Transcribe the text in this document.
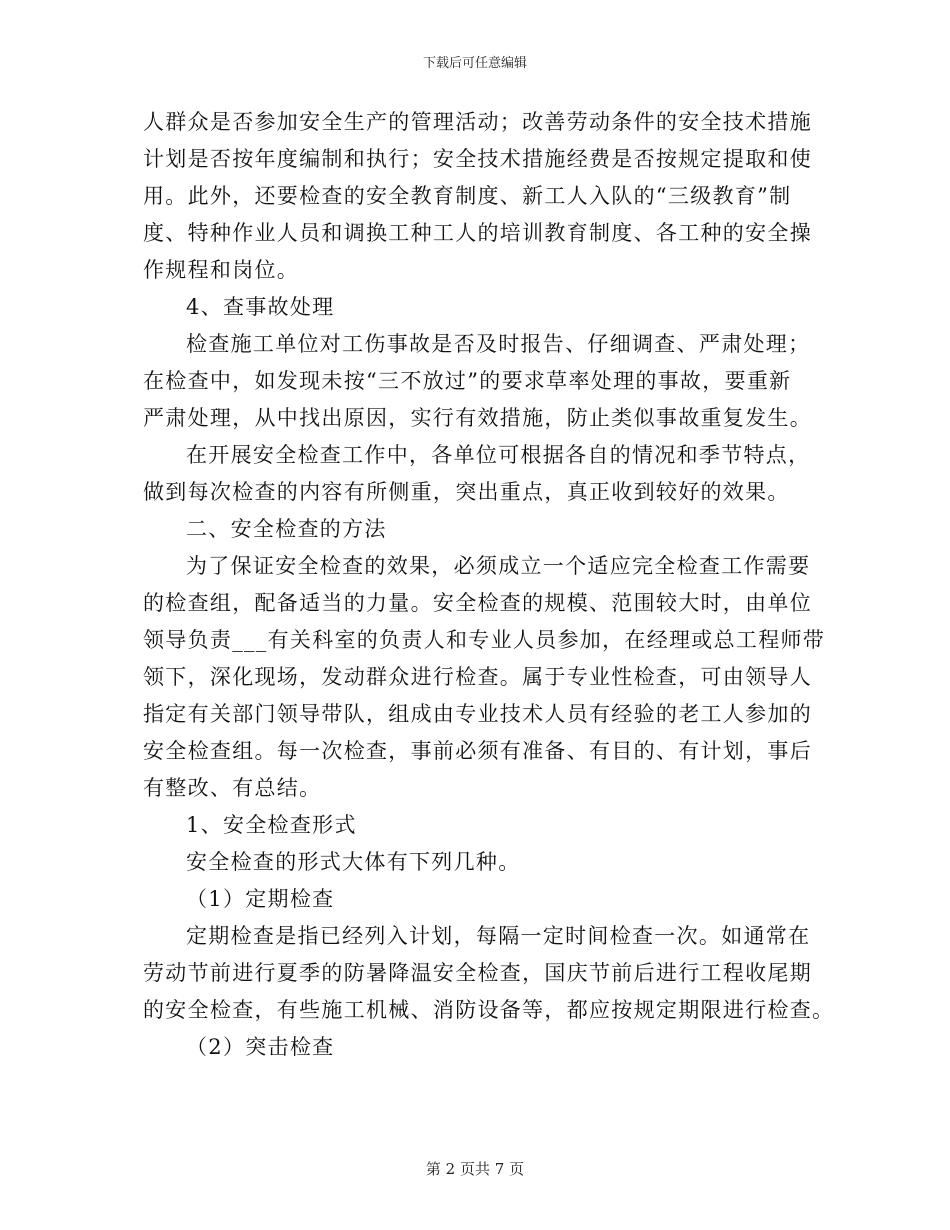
下载后可任意编辑
人群众是否参加安全生产的管理活动；改善劳动条件的安全技术措施
计划是否按年度编制和执行；安全技术措施经费是否按规定提取和使
用。此外，还要检查的安全教育制度、新工人入队的“三级教育”制
度、特种作业人员和调换工种工人的培训教育制度、各工种的安全操
作规程和岗位。
4、查事故处理
检查施工单位对工伤事故是否及时报告、仔细调查、严肃处理；
在检查中，如发现未按“三不放过”的要求草率处理的事故，要重新
严肃处理，从中找出原因，实行有效措施，防止类似事故重复发生。
在开展安全检查工作中，各单位可根据各自的情况和季节特点，
做到每次检查的内容有所侧重，突出重点，真正收到较好的效果。
二、安全检查的方法
为了保证安全检查的效果，必须成立一个适应完全检查工作需要
的检查组，配备适当的力量。安全检查的规模、范围较大时，由单位
领导负责___有关科室的负责人和专业人员参加，在经理或总工程师带
领下，深化现场，发动群众进行检查。属于专业性检查，可由领导人
指定有关部门领导带队，组成由专业技术人员有经验的老工人参加的
安全检查组。每一次检查，事前必须有准备、有目的、有计划，事后
有整改、有总结。
1、安全检查形式
安全检查的形式大体有下列几种。
（1）定期检查
定期检查是指已经列入计划，每隔一定时间检查一次。如通常在
劳动节前进行夏季的防暑降温安全检查，国庆节前后进行工程收尾期
的安全检查，有些施工机械、消防设备等，都应按规定期限进行检查。
（2）突击检查
第 2 页共 7 页
